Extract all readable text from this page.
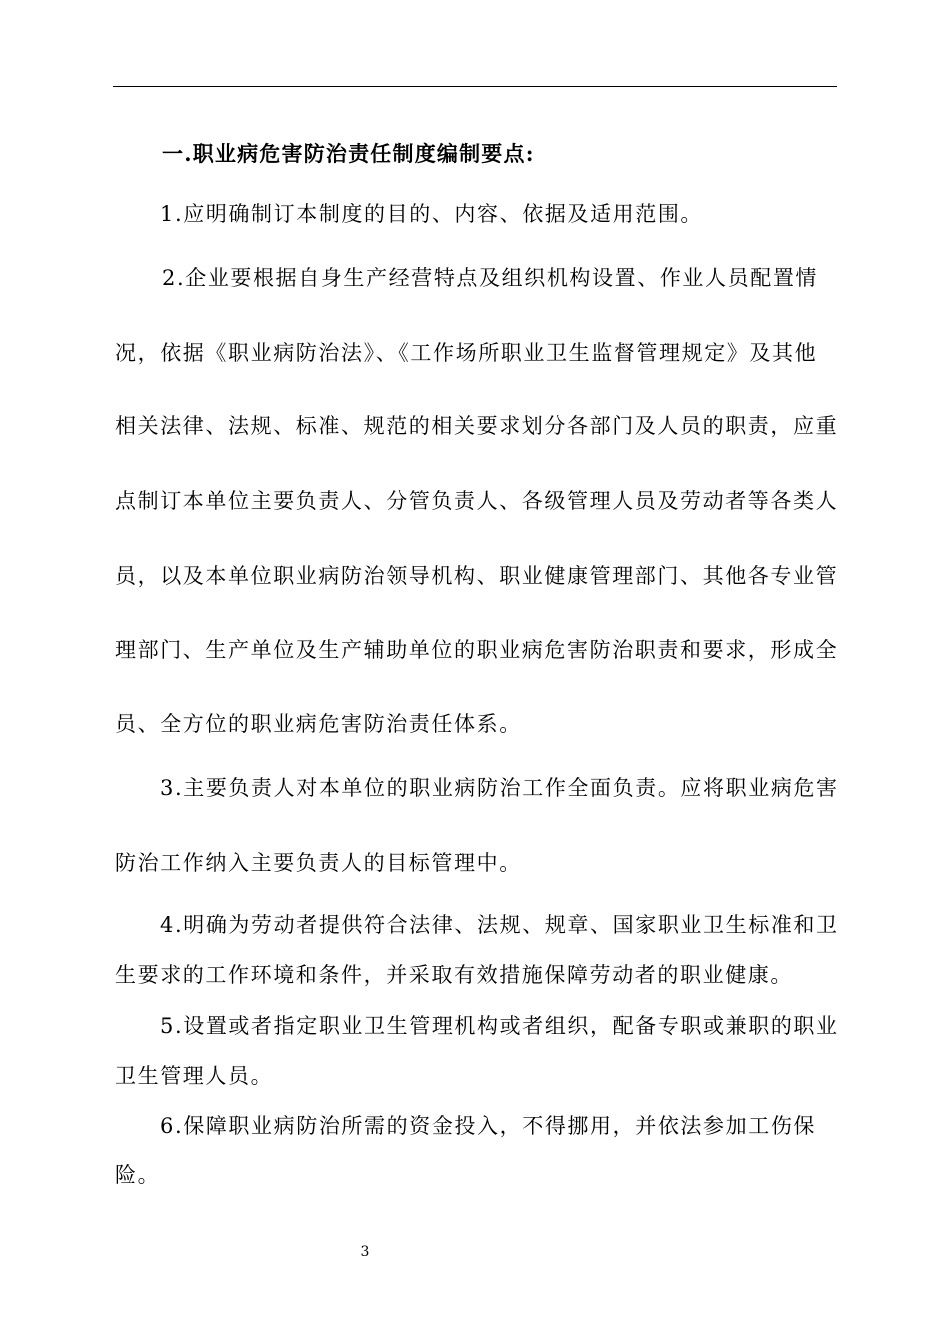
一.职业病危害防治责任制度编制要点:
1.应明确制订本制度的目的、内容、依据及适用范围。
2.企业要根据自身生产经营特点及组织机构设置、作业人员配置情
况，依据《职业病防治法》、《工作场所职业卫生监督管理规定》及其他
相关法律、法规、标准、规范的相关要求划分各部门及人员的职责，应重
点制订本单位主要负责人、分管负责人、各级管理人员及劳动者等各类人
员，以及本单位职业病防治领导机构、职业健康管理部门、其他各专业管
理部门、生产单位及生产辅助单位的职业病危害防治职责和要求，形成全
员、全方位的职业病危害防治责任体系。
3.主要负责人对本单位的职业病防治工作全面负责。应将职业病危害
防治工作纳入主要负责人的目标管理中。
4.明确为劳动者提供符合法律、法规、规章、国家职业卫生标准和卫
生要求的工作环境和条件，并采取有效措施保障劳动者的职业健康。
5.设置或者指定职业卫生管理机构或者组织，配备专职或兼职的职业
卫生管理人员。
6.保障职业病防治所需的资金投入，不得挪用，并依法参加工伤保
险。
3
